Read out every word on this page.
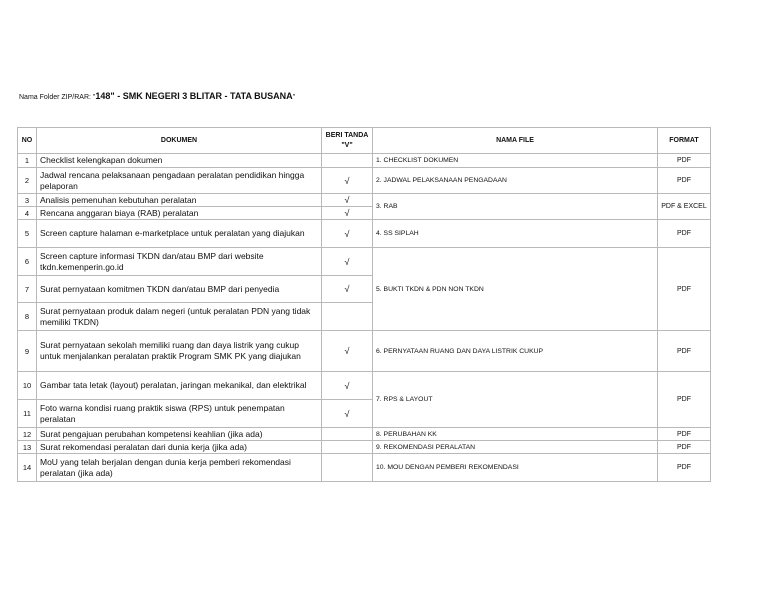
Nama Folder ZIP/RAR: "148" - SMK NEGERI 3 BLITAR - TATA BUSANA"
NO	DOKUMEN	BERI TANDA "V"	NAMA FILE	FORMAT
1	Checklist kelengkapan dokumen		1. CHECKLIST DOKUMEN	PDF
2	Jadwal rencana pelaksanaan pengadaan peralatan pendidikan hingga pelaporan	√	2. JADWAL PELAKSANAAN PENGADAAN	PDF
3	Analisis pemenuhan kebutuhan peralatan	√	3. RAB	PDF & EXCEL
4	Rencana anggaran biaya (RAB) peralatan	√		
5	Screen capture halaman e-marketplace untuk peralatan yang diajukan	√	4. SS SIPLAH	PDF
6	Screen capture informasi TKDN dan/atau BMP dari website tkdn.kemenperin.go.id	√	5. BUKTI TKDN & PDN NON TKDN	PDF
7	Surat pernyataan komitmen TKDN dan/atau BMP dari penyedia	√		
8	Surat pernyataan produk dalam negeri (untuk peralatan PDN yang tidak memiliki TKDN)			
9	Surat pernyataan sekolah memiliki ruang dan daya listrik yang cukup untuk menjalankan peralatan praktik Program SMK PK yang diajukan	√	6. PERNYATAAN RUANG DAN DAYA LISTRIK CUKUP	PDF
10	Gambar tata letak (layout) peralatan, jaringan mekanikal, dan elektrikal	√	7. RPS & LAYOUT	PDF
11	Foto warna kondisi ruang praktik siswa (RPS) untuk penempatan peralatan	√		
12	Surat pengajuan perubahan kompetensi keahlian (jika ada)		8. PERUBAHAN KK	PDF
13	Surat rekomendasi peralatan dari dunia kerja (jika ada)		9. REKOMENDASI PERALATAN	PDF
14	MoU yang telah berjalan dengan dunia kerja pemberi rekomendasi peralatan (jika ada)		10. MOU DENGAN PEMBERI REKOMENDASI	PDF
